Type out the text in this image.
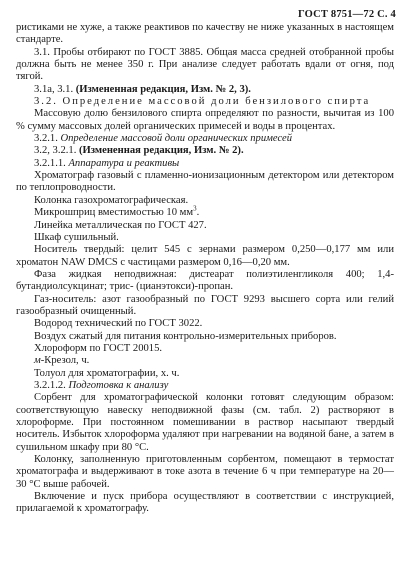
ГОСТ 8751—72 С. 4

ристиками не хуже, а также реактивов по качеству не ниже указанных в настоящем стандарте.

3.1. Пробы отбирают по ГОСТ 3885. Общая масса средней отобранной пробы должна быть не менее 350 г. При анализе следует работать вдали от огня, под тягой.

3.1а, 3.1. (Измененная редакция, Изм. № 2, 3).

3.2. Определение массовой доли бензилового спирта

Массовую долю бензилового спирта определяют по разности, вычитая из 100 % сумму массовых долей органических примесей и воды в процентах.

3.2.1. Определение массовой доли органических примесей

3.2, 3.2.1. (Измененная редакция, Изм. № 2).

3.2.1.1. Аппаратура и реактивы

Хроматограф газовый с пламенно-ионизационным детектором или детектором по теплопроводности.

Колонка газохроматографическая.

Микрошприц вместимостью 10 $мм^3$.

Линейка металлическая по ГОСТ 427.

Шкаф сушильный.

Носитель твердый: целит 545 с зернами размером 0,250—0,177 мм или хроматон NAW DMCS с частицами размером 0,16—0,20 мм.

Фаза жидкая неподвижная: дистеарат полиэтиленгликоля 400; 1,4-бутандиолсукцинат; трис- (цианэтокси)-пропан.

Газ-носитель: азот газообразный по ГОСТ 9293 высшего сорта или гелий газообразный очищенный.

Водород технический по ГОСТ 3022.

Воздух сжатый для питания контрольно-измерительных приборов.

Хлороформ по ГОСТ 20015.

м-Крезол, ч.

Толуол для хроматографии, х. ч.

3.2.1.2. Подготовка к анализу

Сорбент для хроматографической колонки готовят следующим образом: соответствующую навеску неподвижной фазы (см. табл. 2) растворяют в хлороформе. При постоянном помешивании в раствор насыпают твердый носитель. Избыток хлороформа удаляют при нагревании на водяной бане, а затем в сушильном шкафу при 80 °С.

Колонку, заполненную приготовленным сорбентом, помещают в термостат хроматографа и выдерживают в токе азота в течение 6 ч при температуре на 20—30 °С выше рабочей.

Включение и пуск прибора осуществляют в соответствии с инструкцией, прилагаемой к хроматографу.
